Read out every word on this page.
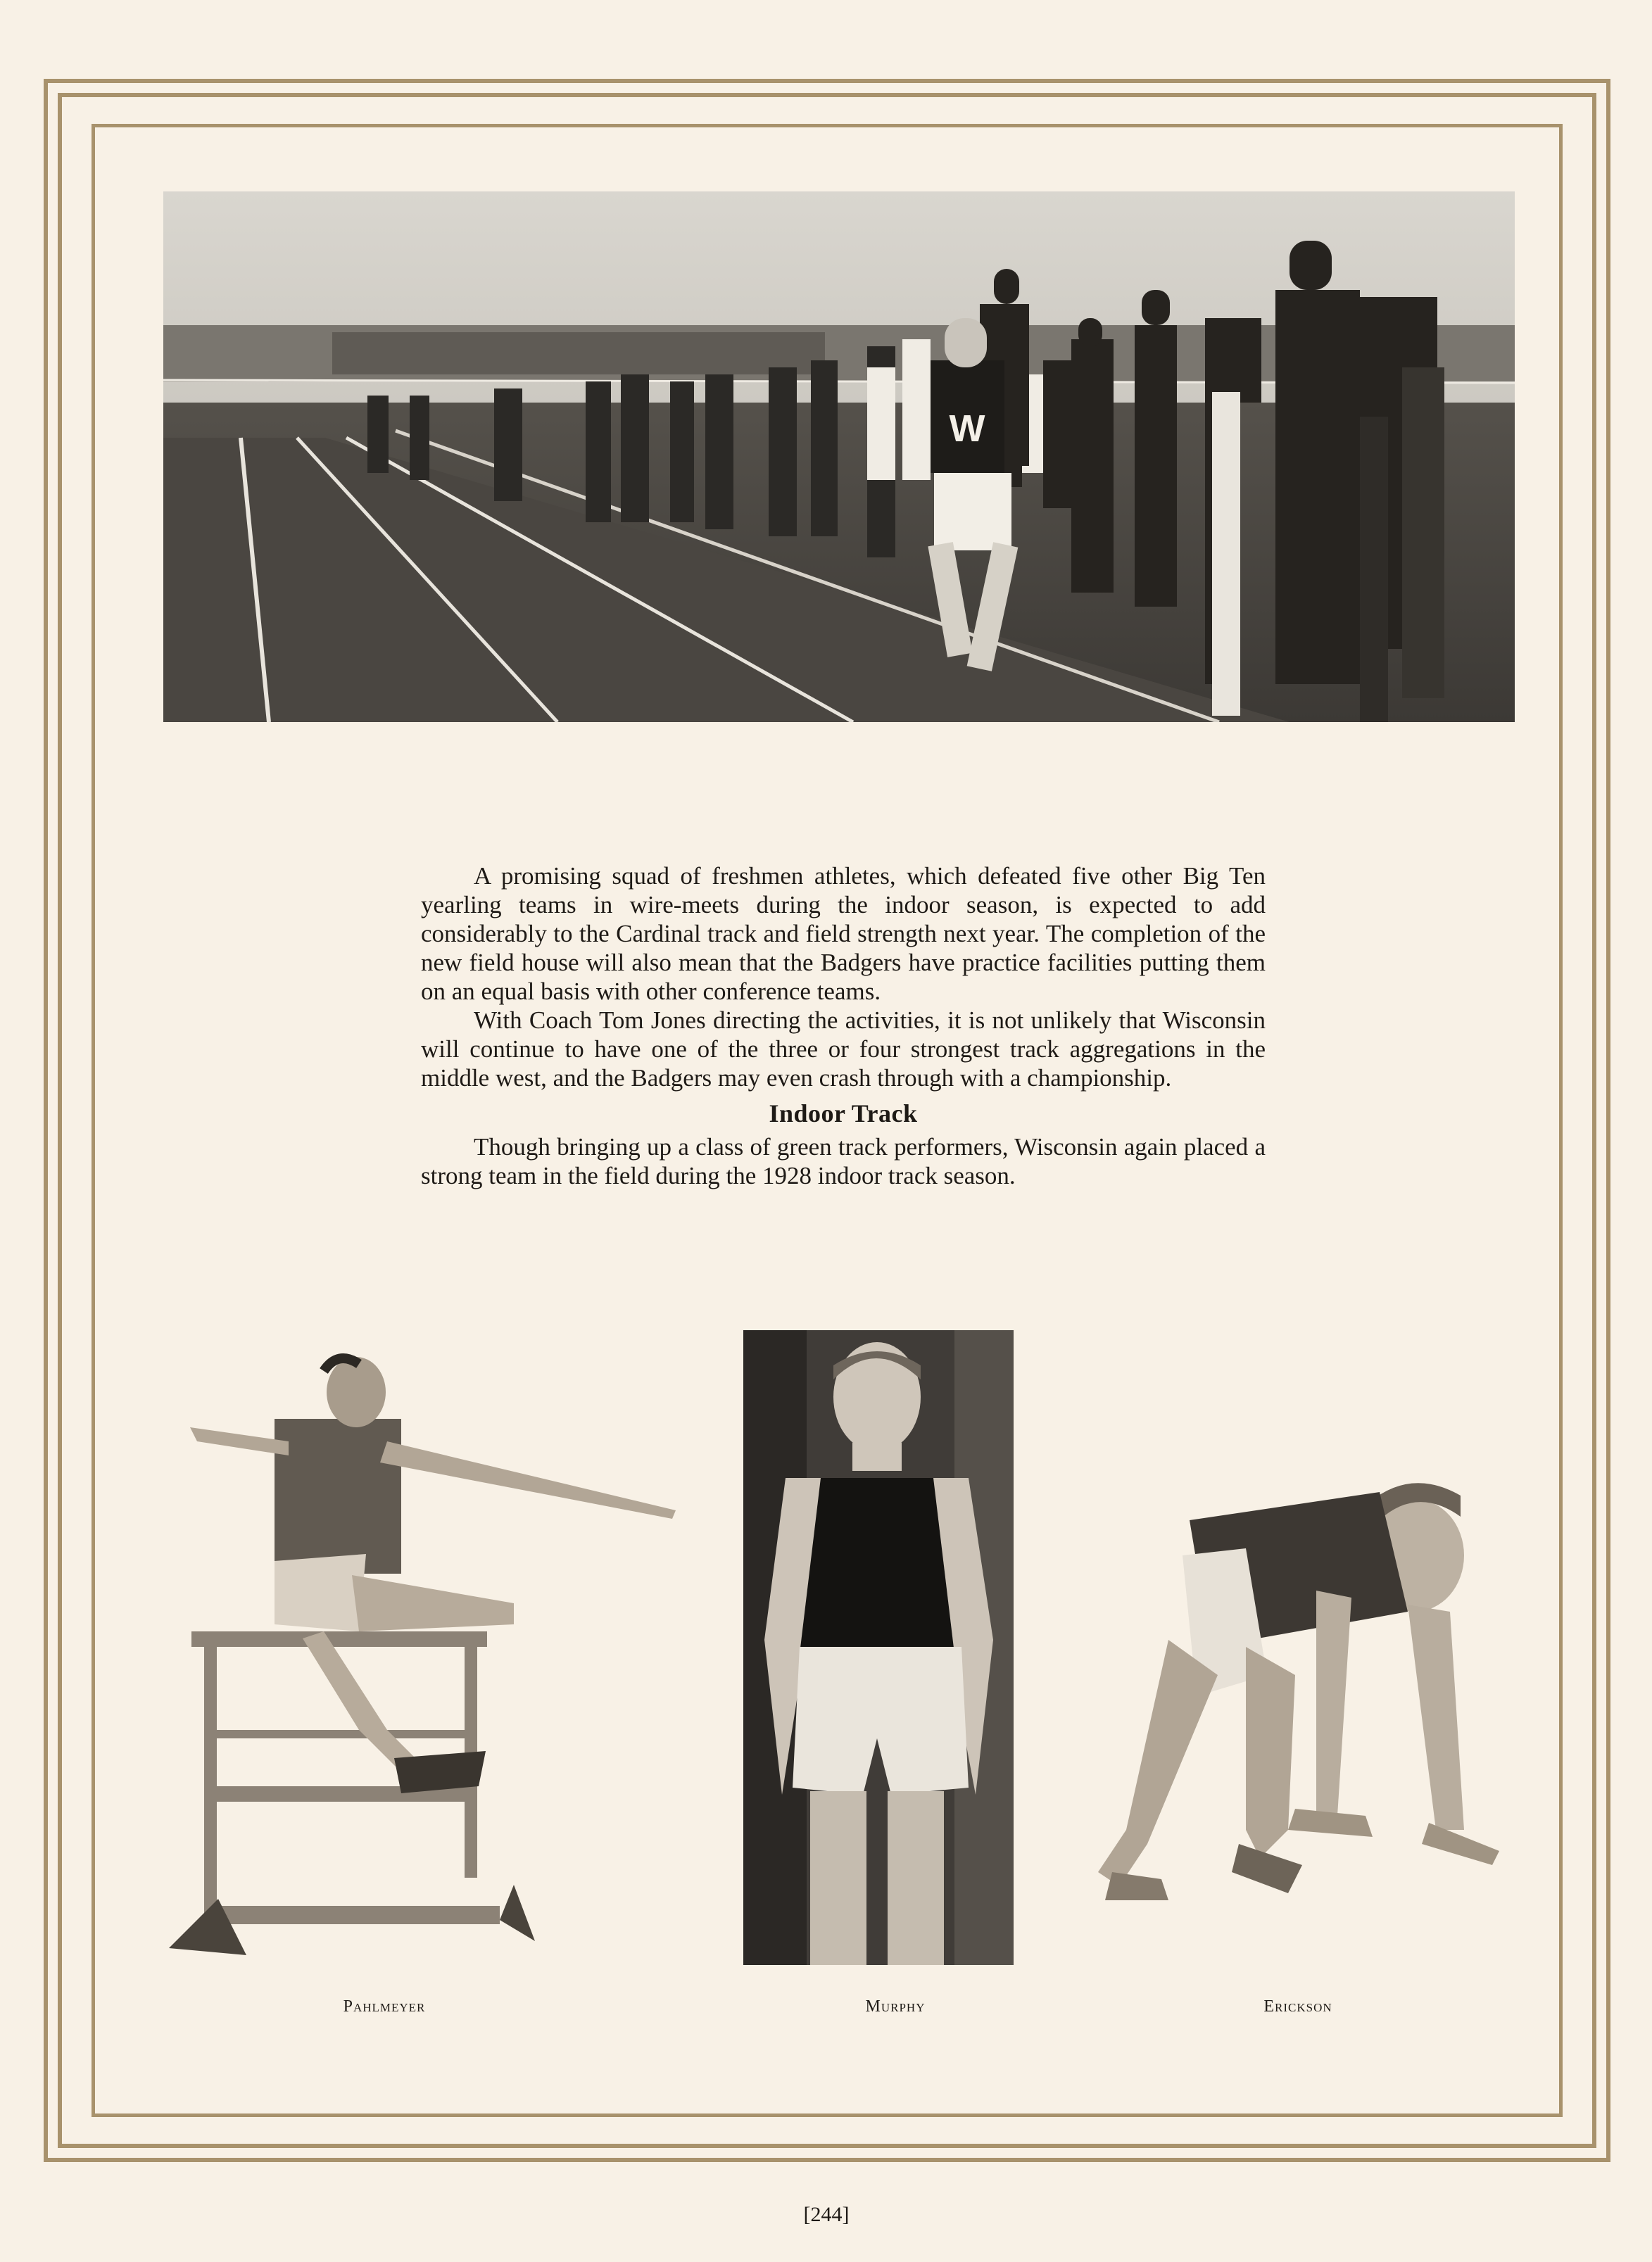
W

A promising squad of freshmen athletes, which defeated five other Big Ten yearling teams in wire-meets during the indoor season, is expected to add considerably to the Cardinal track and field strength next year. The completion of the new field house will also mean that the Badgers have practice facilities putting them on an equal basis with other conference teams.

With Coach Tom Jones directing the activities, it is not unlikely that Wisconsin will continue to have one of the three or four strongest track aggregations in the middle west, and the Badgers may even crash through with a championship.

Indoor Track

Though bringing up a class of green track performers, Wisconsin again placed a strong team in the field during the 1928 indoor track season.

Pahlmeyer	Murphy	Erickson
[244]
